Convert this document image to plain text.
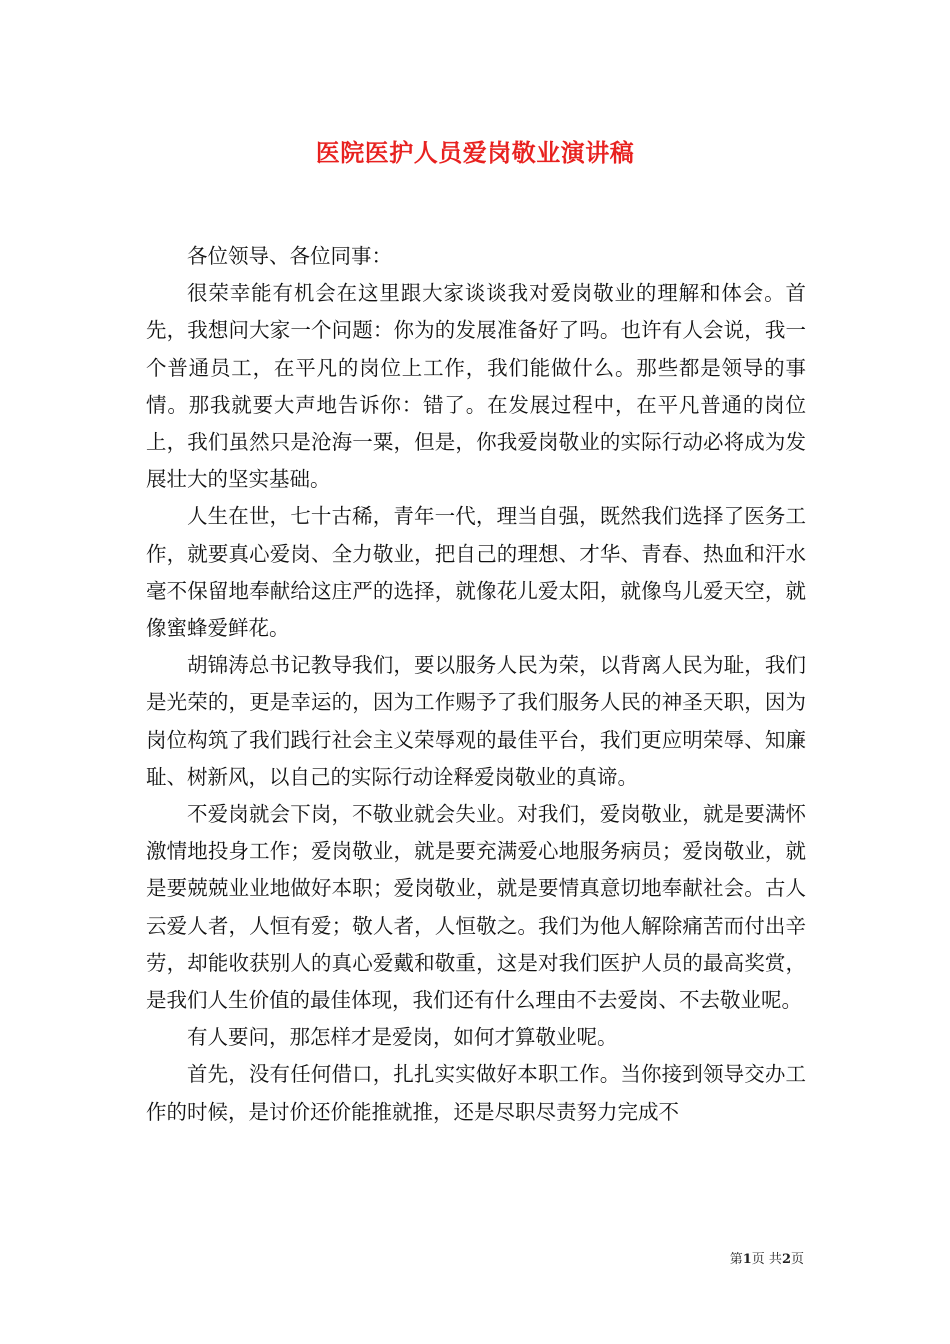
医院医护人员爱岗敬业演讲稿

各位领导、各位同事：

很荣幸能有机会在这里跟大家谈谈我对爱岗敬业的理解和体会。首先，我想问大家一个问题：你为的发展准备好了吗。也许有人会说，我一个普通员工，在平凡的岗位上工作，我们能做什么。那些都是领导的事情。那我就要大声地告诉你：错了。在发展过程中，在平凡普通的岗位上，我们虽然只是沧海一粟，但是，你我爱岗敬业的实际行动必将成为发展壮大的坚实基础。

人生在世，七十古稀，青年一代，理当自强，既然我们选择了医务工作，就要真心爱岗、全力敬业，把自己的理想、才华、青春、热血和汗水毫不保留地奉献给这庄严的选择，就像花儿爱太阳，就像鸟儿爱天空，就像蜜蜂爱鲜花。

胡锦涛总书记教导我们，要以服务人民为荣，以背离人民为耻，我们是光荣的，更是幸运的，因为工作赐予了我们服务人民的神圣天职，因为岗位构筑了我们践行社会主义荣辱观的最佳平台，我们更应明荣辱、知廉耻、树新风，以自己的实际行动诠释爱岗敬业的真谛。

不爱岗就会下岗，不敬业就会失业。对我们，爱岗敬业，就是要满怀激情地投身工作；爱岗敬业，就是要充满爱心地服务病员；爱岗敬业，就是要兢兢业业地做好本职；爱岗敬业，就是要情真意切地奉献社会。古人云爱人者，人恒有爱；敬人者，人恒敬之。我们为他人解除痛苦而付出辛劳，却能收获别人的真心爱戴和敬重，这是对我们医护人员的最高奖赏，是我们人生价值的最佳体现，我们还有什么理由不去爱岗、不去敬业呢。

有人要问，那怎样才是爱岗，如何才算敬业呢。

首先，没有任何借口，扎扎实实做好本职工作。当你接到领导交办工作的时候，是讨价还价能推就推，还是尽职尽责努力完成不

第1页 共2页
